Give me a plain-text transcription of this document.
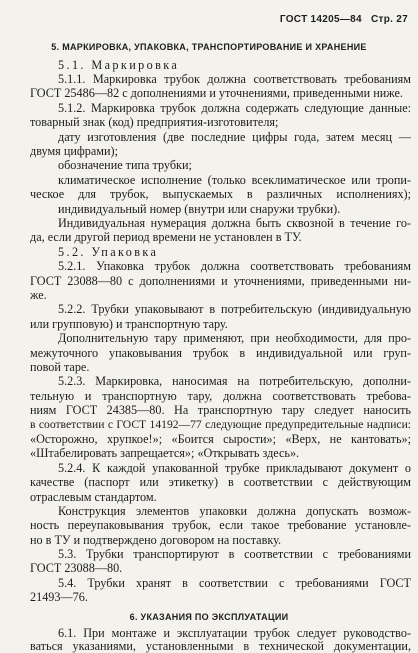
ГОСТ 14205—84 Стр. 27
5. МАРКИРОВКА, УПАКОВКА, ТРАНСПОРТИРОВАНИЕ И ХРАНЕНИЕ
5.1. Маркировка
5.1.1. Маркировка трубок должна соответствовать требованиям
ГОСТ 25486—82 с дополнениями и уточнениями, приведенными ниже.
5.1.2. Маркировка трубок должна содержать следующие данные:
товарный знак (код) предприятия-изготовителя;
дату изготовления (две последние цифры года, затем месяц —
двумя цифрами);
обозначение типа трубки;
климатическое исполнение (только всеклиматическое или тропи-
ческое для трубок, выпускаемых в различных исполнениях);
индивидуальный номер (внутри или снаружи трубки).
Индивидуальная нумерация должна быть сквозной в течение го-
да, если другой период времени не установлен в ТУ.
5.2. Упаковка
5.2.1. Упаковка трубок должна соответствовать требованиям
ГОСТ 23088—80 с дополнениями и уточнениями, приведенными ни-
же.
5.2.2. Трубки упаковывают в потребительскую (индивидуальную
или групповую) и транспортную тару.
Дополнительную тару применяют, при необходимости, для про-
межуточного упаковывания трубок в индивидуальной или груп-
повой таре.
5.2.3. Маркировка, наносимая на потребительскую, дополни-
тельную и транспортную тару, должна соответствовать требова-
ниям ГОСТ 24385—80. На транспортную тару следует наносить
в соответствии с ГОСТ 14192—77 следующие предупредительные надписи:
«Осторожно, хрупкое!»; «Боится сырости»; «Верх, не кантовать»;
«Штабелировать запрещается»; «Открывать здесь».
5.2.4. К каждой упакованной трубке прикладывают документ о
качестве (паспорт или этикетку) в соответствии с действующим
отраслевым стандартом.
Конструкция элементов упаковки должна допускать возмож-
ность переупаковывания трубок, если такое требование установле-
но в ТУ и подтверждено договором на поставку.
5.3. Трубки транспортируют в соответствии с требованиями
ГОСТ 23088—80.
5.4. Трубки хранят в соответствии с требованиями ГОСТ
21493—76.
6. УКАЗАНИЯ ПО ЭКСПЛУАТАЦИИ
6.1. При монтаже и эксплуатации трубок следует руководство-
ваться указаниями, установленными в технической документации,
